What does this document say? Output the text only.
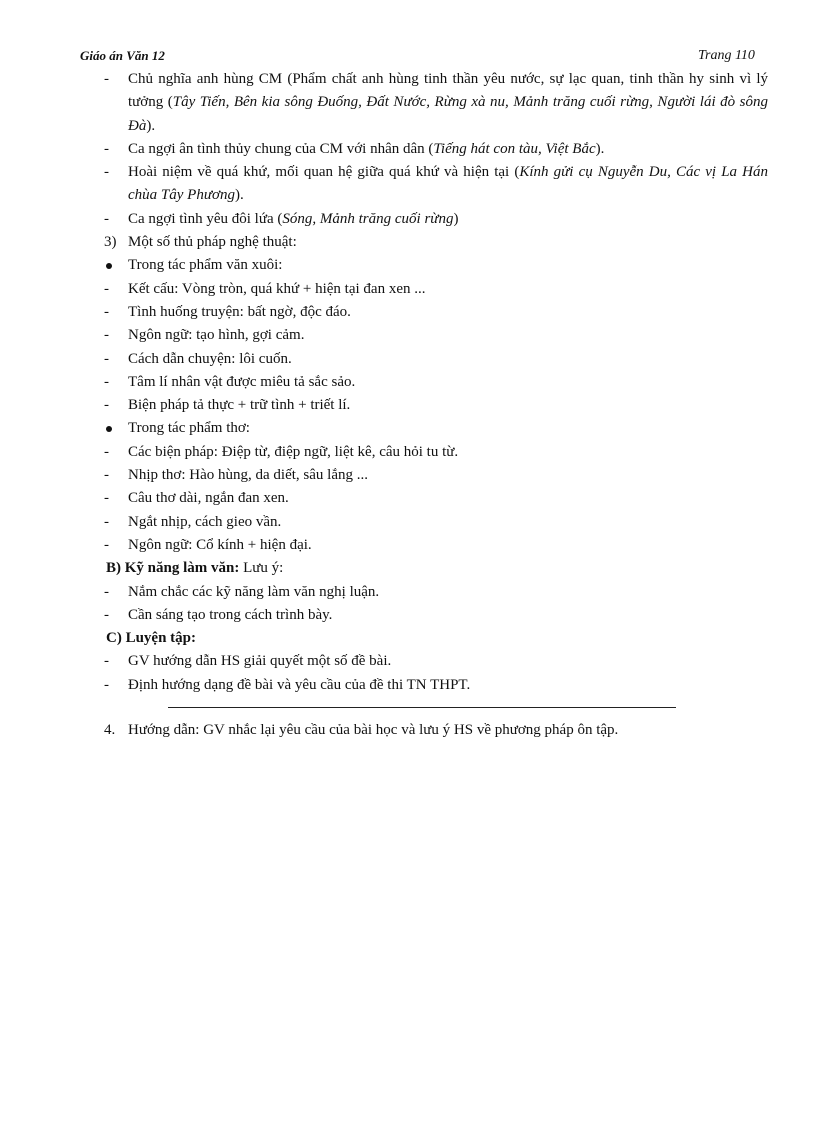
Giáo án Văn 12	Trang 110
-	Chủ nghĩa anh hùng CM (Phẩm chất anh hùng tinh thần yêu nước, sự lạc quan, tinh thần hy sinh vì lý tưởng (Tây Tiến, Bên kia sông Đuống, Đất Nước, Rừng xà nu, Mảnh trăng cuối rừng, Người lái đò sông Đà).
-	Ca ngợi ân tình thủy chung của CM với nhân dân (Tiếng hát con tàu, Việt Bắc).
-	Hoài niệm về quá khứ, mối quan hệ giữa quá khứ và hiện tại (Kính gửi cụ Nguyễn Du, Các vị La Hán chùa Tây Phương).
-	Ca ngợi tình yêu đôi lứa (Sóng, Mảnh trăng cuối rừng)
3) Một số thủ pháp nghệ thuật:
Trong tác phẩm văn xuôi:
-	Kết cấu: Vòng tròn, quá khứ + hiện tại đan xen ...
-	Tình huống truyện: bất ngờ, độc đáo.
-	Ngôn ngữ: tạo hình, gợi cảm.
-	Cách dẫn chuyện: lôi cuốn.
-	Tâm lí nhân vật được miêu tả sắc sảo.
-	Biện pháp tả thực + trữ tình + triết lí.
Trong tác phẩm thơ:
-	Các biện pháp: Điệp từ, điệp ngữ, liệt kê, câu hỏi tu từ.
-	Nhịp thơ: Hào hùng, da diết, sâu lắng ...
-	Câu thơ dài, ngắn đan xen.
-	Ngắt nhịp, cách gieo vần.
-	Ngôn ngữ: Cổ kính + hiện đại.
B) Kỹ năng làm văn: Lưu ý:
-	Nắm chắc các kỹ năng làm văn nghị luận.
-	Cần sáng tạo trong cách trình bày.
C) Luyện tập:
-	GV hướng dẫn HS giải quyết một số đề bài.
-	Định hướng dạng đề bài và yêu cầu của đề thi TN THPT.
4. Hướng dẫn: GV nhắc lại yêu cầu của bài học và lưu ý HS về phương pháp ôn tập.
